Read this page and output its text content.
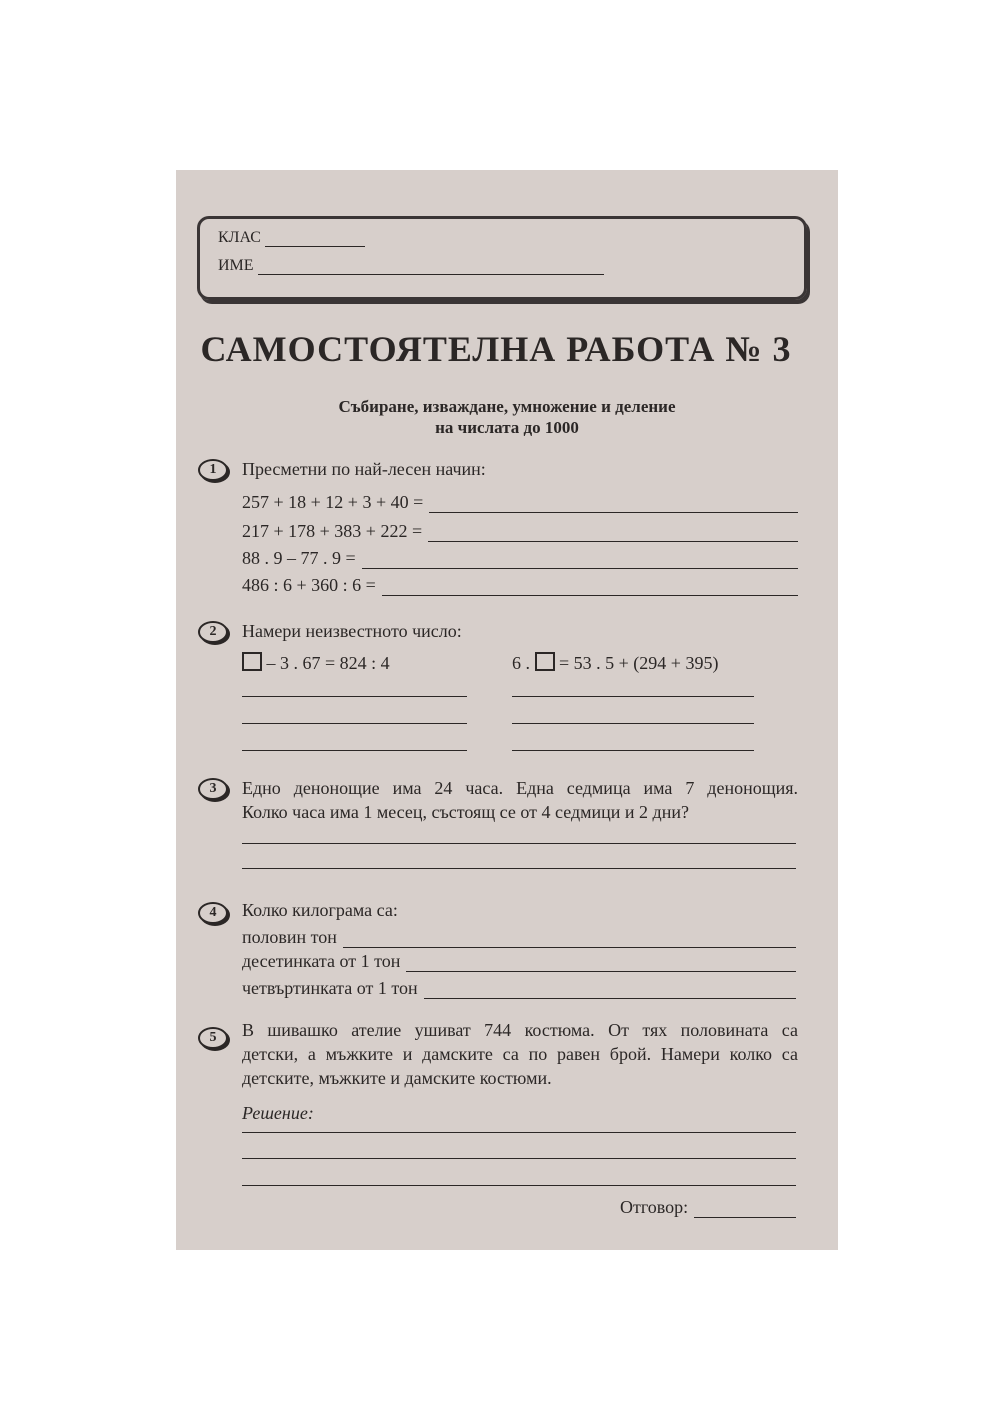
КЛАС
ИМЕ
САМОСТОЯТЕЛНА РАБОТА № 3
Събиране, изваждане, умножение и деление
на числата до 1000
1	Пресметни по най-лесен начин:
257 + 18 + 12 + 3 + 40 =
217 + 178 + 383 + 222 =
88 . 9 – 77 . 9 =
486 : 6 + 360 : 6 =
2	Намери неизвестното число:
– 3 . 67 = 824 : 4	6 . = 53 . 5 + (294 + 395)
3	Едно денонощие има 24 часа. Една седмица има 7 денонощия.
Колко часа има 1 месец, състоящ се от 4 седмици и 2 дни?
4	Колко килограма са:
половин тон
десетинката от 1 тон
четвъртинката от 1 тон
5	В шивашко ателие ушиват 744 костюма. От тях половината са
детски, а мъжките и дамските са по равен брой. Намери колко са
детските, мъжките и дамските костюми.
Решение:
Отговор:
